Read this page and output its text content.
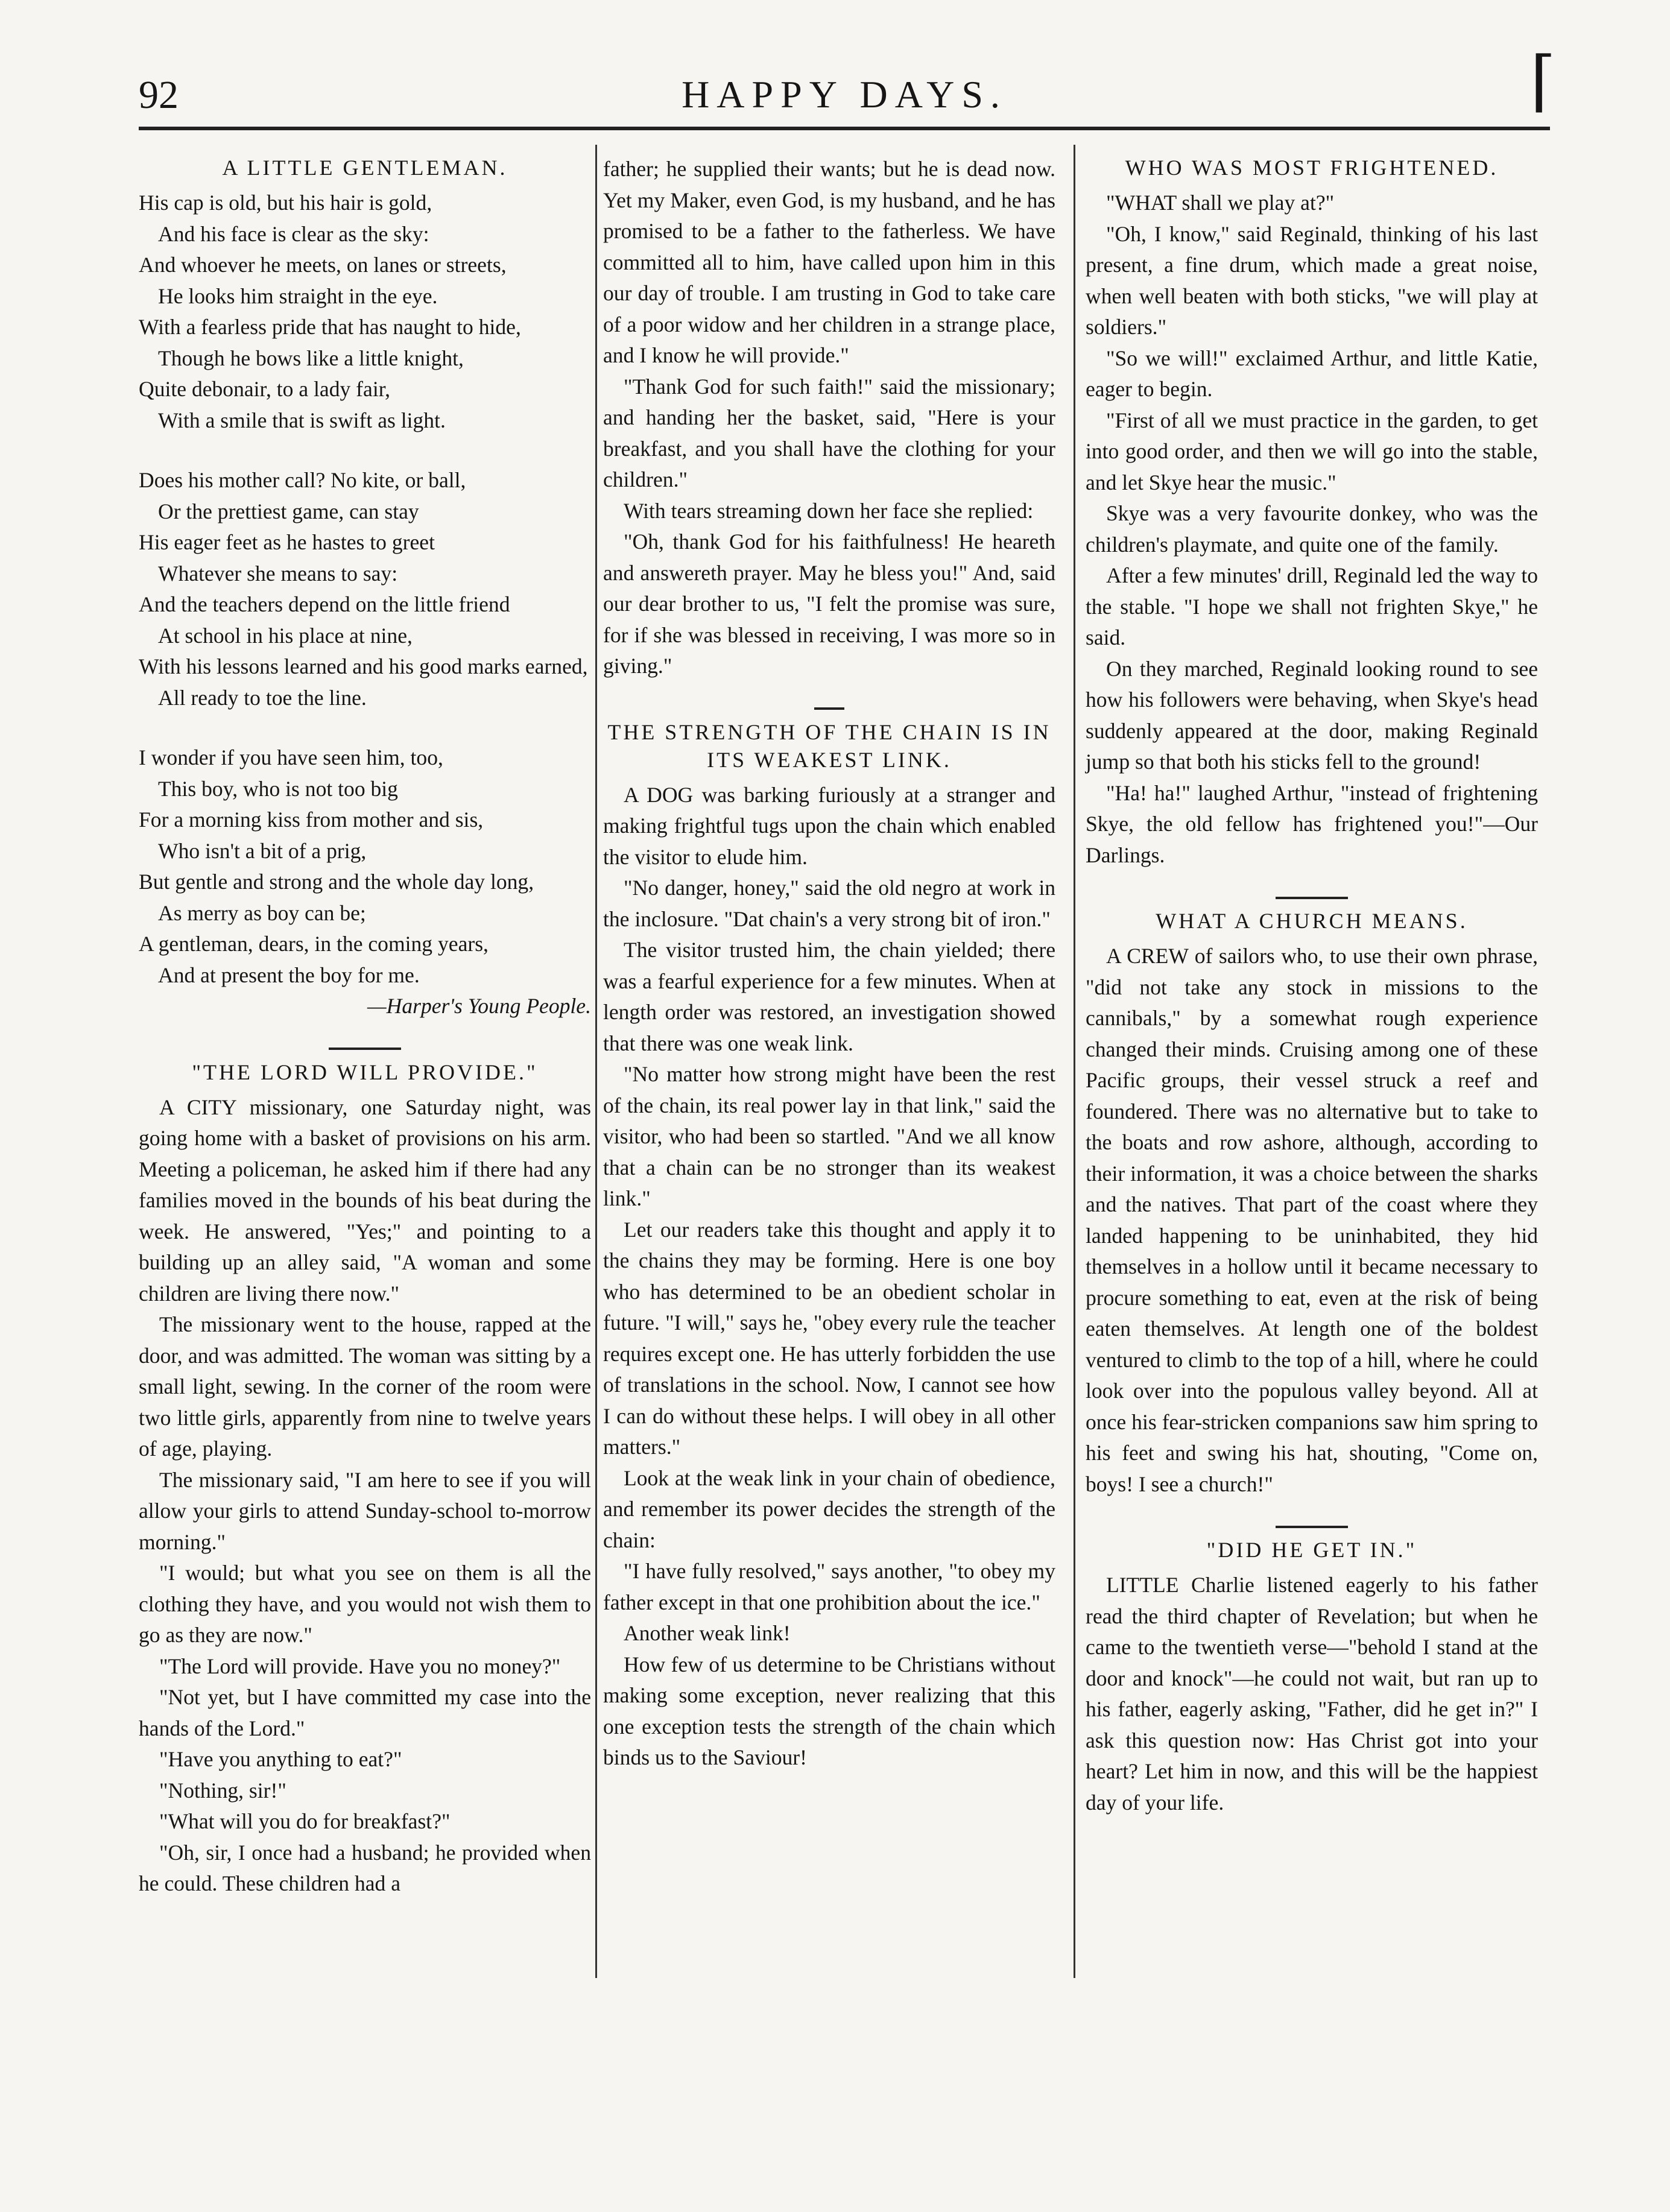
92	HAPPY DAYS.	⌈
A LITTLE GENTLEMAN.

His cap is old, but his hair is gold,

And his face is clear as the sky:

And whoever he meets, on lanes or streets,

He looks him straight in the eye.

With a fearless pride that has naught to hide,

Though he bows like a little knight,

Quite debonair, to a lady fair,

With a smile that is swift as light.

Does his mother call? No kite, or ball,

Or the prettiest game, can stay

His eager feet as he hastes to greet

Whatever she means to say:

And the teachers depend on the little friend

At school in his place at nine,

With his lessons learned and his good marks earned,

All ready to toe the line.

I wonder if you have seen him, too,

This boy, who is not too big

For a morning kiss from mother and sis,

Who isn't a bit of a prig,

But gentle and strong and the whole day long,

As merry as boy can be;

A gentleman, dears, in the coming years,

And at present the boy for me.

—Harper's Young People.

"THE LORD WILL PROVIDE."

A CITY missionary, one Saturday night, was going home with a basket of provisions on his arm. Meeting a policeman, he asked him if there had any families moved in the bounds of his beat during the week. He answered, "Yes;" and pointing to a building up an alley said, "A woman and some children are living there now."

The missionary went to the house, rapped at the door, and was admitted. The woman was sitting by a small light, sewing. In the corner of the room were two little girls, apparently from nine to twelve years of age, playing.

The missionary said, "I am here to see if you will allow your girls to attend Sunday-school to-morrow morning."

"I would; but what you see on them is all the clothing they have, and you would not wish them to go as they are now."

"The Lord will provide. Have you no money?"

"Not yet, but I have committed my case into the hands of the Lord."

"Have you anything to eat?"

"Nothing, sir!"

"What will you do for breakfast?"

"Oh, sir, I once had a husband; he provided when he could. These children had a

father; he supplied their wants; but he is dead now. Yet my Maker, even God, is my husband, and he has promised to be a father to the fatherless. We have committed all to him, have called upon him in this our day of trouble. I am trusting in God to take care of a poor widow and her children in a strange place, and I know he will provide."

"Thank God for such faith!" said the missionary; and handing her the basket, said, "Here is your breakfast, and you shall have the clothing for your children."

With tears streaming down her face she replied:

"Oh, thank God for his faithfulness! He heareth and answereth prayer. May he bless you!" And, said our dear brother to us, "I felt the promise was sure, for if she was blessed in receiving, I was more so in giving."

THE STRENGTH OF THE CHAIN IS IN ITS WEAKEST LINK.

A DOG was barking furiously at a stranger and making frightful tugs upon the chain which enabled the visitor to elude him.

"No danger, honey," said the old negro at work in the inclosure. "Dat chain's a very strong bit of iron."

The visitor trusted him, the chain yielded; there was a fearful experience for a few minutes. When at length order was restored, an investigation showed that there was one weak link.

"No matter how strong might have been the rest of the chain, its real power lay in that link," said the visitor, who had been so startled. "And we all know that a chain can be no stronger than its weakest link."

Let our readers take this thought and apply it to the chains they may be forming. Here is one boy who has determined to be an obedient scholar in future. "I will," says he, "obey every rule the teacher requires except one. He has utterly forbidden the use of translations in the school. Now, I cannot see how I can do without these helps. I will obey in all other matters."

Look at the weak link in your chain of obedience, and remember its power decides the strength of the chain:

"I have fully resolved," says another, "to obey my father except in that one prohibition about the ice."

Another weak link!

How few of us determine to be Christians without making some exception, never realizing that this one exception tests the strength of the chain which binds us to the Saviour!

WHO WAS MOST FRIGHTENED.

"WHAT shall we play at?"

"Oh, I know," said Reginald, thinking of his last present, a fine drum, which made a great noise, when well beaten with both sticks, "we will play at soldiers."

"So we will!" exclaimed Arthur, and little Katie, eager to begin.

"First of all we must practice in the garden, to get into good order, and then we will go into the stable, and let Skye hear the music."

Skye was a very favourite donkey, who was the children's playmate, and quite one of the family.

After a few minutes' drill, Reginald led the way to the stable. "I hope we shall not frighten Skye," he said.

On they marched, Reginald looking round to see how his followers were behaving, when Skye's head suddenly appeared at the door, making Reginald jump so that both his sticks fell to the ground!

"Ha! ha!" laughed Arthur, "instead of frightening Skye, the old fellow has frightened you!"—Our Darlings.

WHAT A CHURCH MEANS.

A CREW of sailors who, to use their own phrase, "did not take any stock in missions to the cannibals," by a somewhat rough experience changed their minds. Cruising among one of these Pacific groups, their vessel struck a reef and foundered. There was no alternative but to take to the boats and row ashore, although, according to their information, it was a choice between the sharks and the natives. That part of the coast where they landed happening to be uninhabited, they hid themselves in a hollow until it became necessary to procure something to eat, even at the risk of being eaten themselves. At length one of the boldest ventured to climb to the top of a hill, where he could look over into the populous valley beyond. All at once his fear-stricken companions saw him spring to his feet and swing his hat, shouting, "Come on, boys! I see a church!"

"DID HE GET IN."

LITTLE Charlie listened eagerly to his father read the third chapter of Revelation; but when he came to the twentieth verse—"behold I stand at the door and knock"—he could not wait, but ran up to his father, eagerly asking, "Father, did he get in?" I ask this question now: Has Christ got into your heart? Let him in now, and this will be the happiest day of your life.
